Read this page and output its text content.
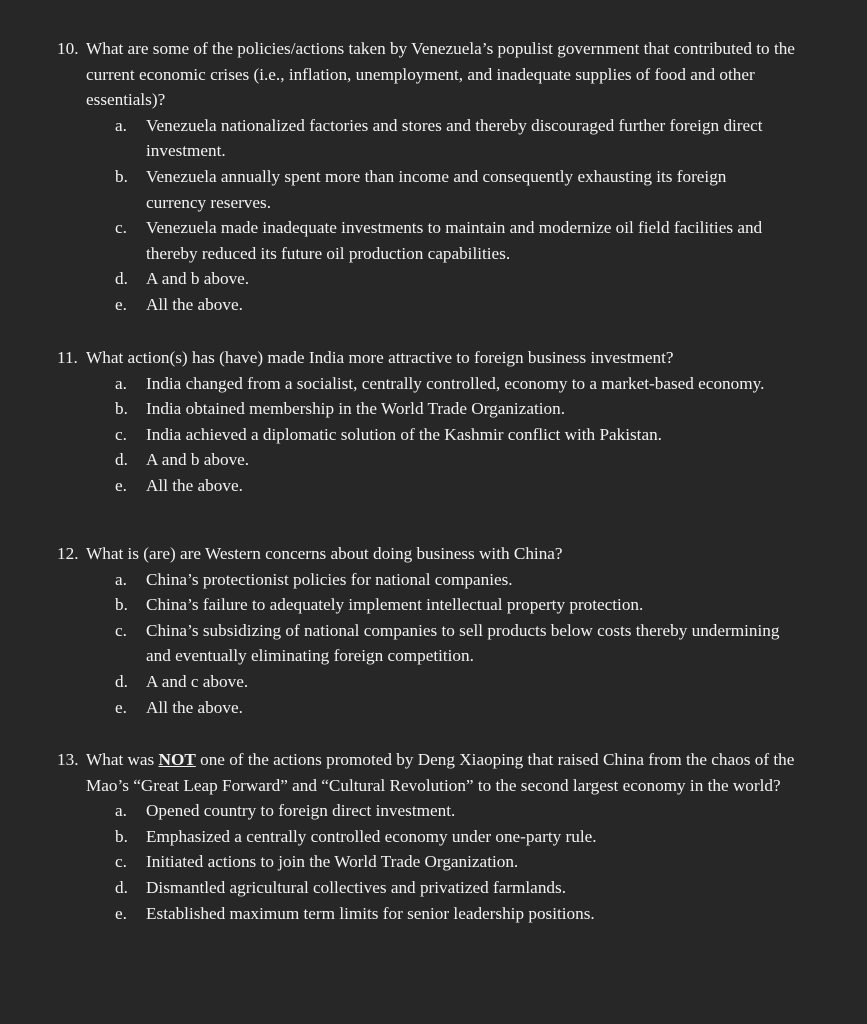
10. What are some of the policies/actions taken by Venezuela’s populist government that contributed to the current economic crises (i.e., inflation, unemployment, and inadequate supplies of food and other essentials)?
a. Venezuela nationalized factories and stores and thereby discouraged further foreign direct investment.
b. Venezuela annually spent more than income and consequently exhausting its foreign currency reserves.
c. Venezuela made inadequate investments to maintain and modernize oil field facilities and thereby reduced its future oil production capabilities.
d. A and b above.
e. All the above.
11. What action(s) has (have) made India more attractive to foreign business investment?
a. India changed from a socialist, centrally controlled, economy to a market-based economy.
b. India obtained membership in the World Trade Organization.
c. India achieved a diplomatic solution of the Kashmir conflict with Pakistan.
d. A and b above.
e. All the above.
12. What is (are) are Western concerns about doing business with China?
a. China’s protectionist policies for national companies.
b. China’s failure to adequately implement intellectual property protection.
c. China’s subsidizing of national companies to sell products below costs thereby undermining and eventually eliminating foreign competition.
d. A and c above.
e. All the above.
13. What was NOT one of the actions promoted by Deng Xiaoping that raised China from the chaos of the Mao’s “Great Leap Forward” and “Cultural Revolution” to the second largest economy in the world?
a. Opened country to foreign direct investment.
b. Emphasized a centrally controlled economy under one-party rule.
c. Initiated actions to join the World Trade Organization.
d. Dismantled agricultural collectives and privatized farmlands.
e. Established maximum term limits for senior leadership positions.
